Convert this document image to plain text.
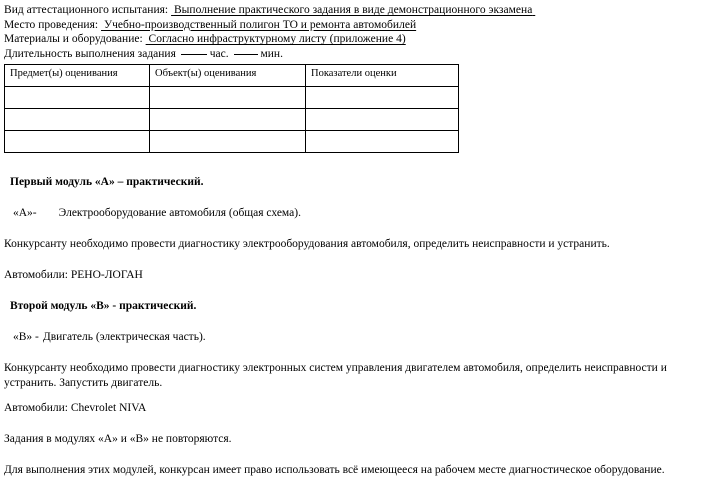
Вид аттестационного испытания: Выполнение практического задания в виде демонстрационного экзамена
Место проведения: Учебно-производственный полигон ТО и ремонта автомобилей
Материалы и оборудование: Согласно инфраструктурному листу (приложение 4)
Длительность выполнения задания	час.	мин.
Предмет(ы) оценивания	Объект(ы) оценивания	Показатели оценки

Первый модуль «А» – практический.

«А»- Электрооборудование автомобиля (общая схема).

Конкурсанту необходимо провести диагностику электрооборудования автомобиля, определить неисправности и устранить.

Автомобили: РЕНО-ЛОГАН

Второй модуль «В» - практический.

«В» - Двигатель (электрическая часть).

Конкурсанту необходимо провести диагностику электронных систем управления двигателем автомобиля, определить неисправности и устранить. Запустить двигатель.

Автомобили: Chevrolet NIVA

Задания в модулях «А» и «В» не повторяются.

Для выполнения этих модулей, конкурсан имеет право использовать всё имеющееся на рабочем месте диагностическое оборудование.
